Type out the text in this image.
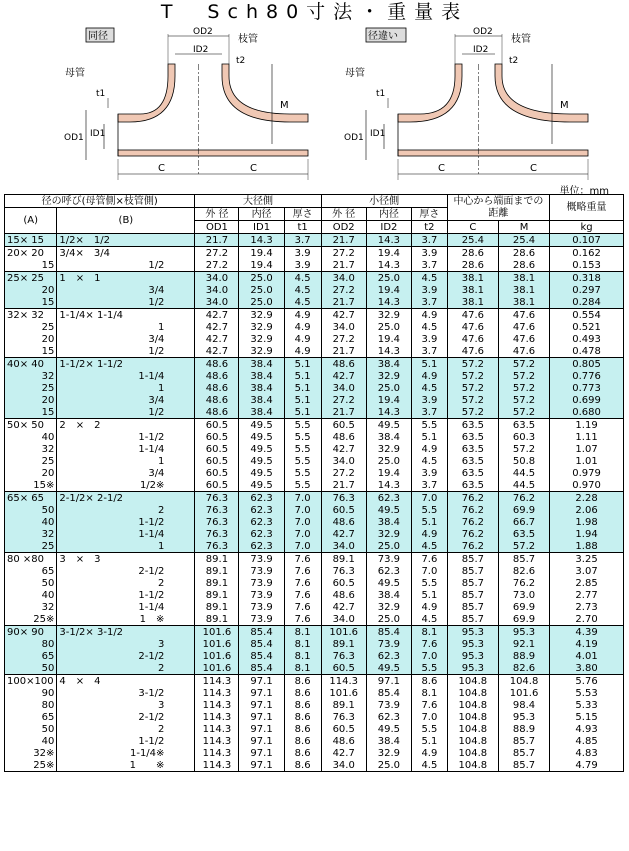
T　Sch80寸法・重量表
同径	OD2
ID2
枝管
t2
母管
t1
M
OD1 ID1
C	C
径違い	OD2
ID2
枝管
t2
母管
t1
M
OD1 ID1
C	C
単位：mm
径の呼び(母管側×枝管側)		大径側			小径側			中心から端面までの距離		概略重量
(A)	(B)	外 径	内径	厚さ	外 径	内径	厚さ			
		OD1	ID1	t1	OD2	ID2	t2	C	M	kg
15× 15	1/2×　1/2	21.7	14.3	3.7	21.7	14.3	3.7	25.4	25.4	0.107
20× 20	3/4×　3/4	27.2	19.4	3.9	27.2	19.4	3.9	28.6	28.6	0.162
15	1/2	27.2	19.4	3.9	21.7	14.3	3.7	28.6	28.6	0.153
25× 25	1　×　1	34.0	25.0	4.5	34.0	25.0	4.5	38.1	38.1	0.318
20	3/4	34.0	25.0	4.5	27.2	19.4	3.9	38.1	38.1	0.297
15	1/2	34.0	25.0	4.5	21.7	14.3	3.7	38.1	38.1	0.284
32× 32	1-1/4× 1-1/4	42.7	32.9	4.9	42.7	32.9	4.9	47.6	47.6	0.554
25	1	42.7	32.9	4.9	34.0	25.0	4.5	47.6	47.6	0.521
20	3/4	42.7	32.9	4.9	27.2	19.4	3.9	47.6	47.6	0.493
15	1/2	42.7	32.9	4.9	21.7	14.3	3.7	47.6	47.6	0.478
40× 40	1-1/2× 1-1/2	48.6	38.4	5.1	48.6	38.4	5.1	57.2	57.2	0.805
32	1-1/4	48.6	38.4	5.1	42.7	32.9	4.9	57.2	57.2	0.776
25	1	48.6	38.4	5.1	34.0	25.0	4.5	57.2	57.2	0.773
20	3/4	48.6	38.4	5.1	27.2	19.4	3.9	57.2	57.2	0.699
15	1/2	48.6	38.4	5.1	21.7	14.3	3.7	57.2	57.2	0.680
50× 50	2　×　2	60.5	49.5	5.5	60.5	49.5	5.5	63.5	63.5	1.19
40	1-1/2	60.5	49.5	5.5	48.6	38.4	5.1	63.5	60.3	1.11
32	1-1/4	60.5	49.5	5.5	42.7	32.9	4.9	63.5	57.2	1.07
25	1	60.5	49.5	5.5	34.0	25.0	4.5	63.5	50.8	1.01
20	3/4	60.5	49.5	5.5	27.2	19.4	3.9	63.5	44.5	0.979
15※	1/2※	60.5	49.5	5.5	21.7	14.3	3.7	63.5	44.5	0.970
65× 65	2-1/2× 2-1/2	76.3	62.3	7.0	76.3	62.3	7.0	76.2	76.2	2.28
50	2	76.3	62.3	7.0	60.5	49.5	5.5	76.2	69.9	2.06
40	1-1/2	76.3	62.3	7.0	48.6	38.4	5.1	76.2	66.7	1.98
32	1-1/4	76.3	62.3	7.0	42.7	32.9	4.9	76.2	63.5	1.94
25	1	76.3	62.3	7.0	34.0	25.0	4.5	76.2	57.2	1.88
80 ×80	3　×　3	89.1	73.9	7.6	89.1	73.9	7.6	85.7	85.7	3.25
65	2-1/2	89.1	73.9	7.6	76.3	62.3	7.0	85.7	82.6	3.07
50	2	89.1	73.9	7.6	60.5	49.5	5.5	85.7	76.2	2.85
40	1-1/2	89.1	73.9	7.6	48.6	38.4	5.1	85.7	73.0	2.77
32	1-1/4	89.1	73.9	7.6	42.7	32.9	4.9	85.7	69.9	2.73
25※	1　※	89.1	73.9	7.6	34.0	25.0	4.5	85.7	69.9	2.70
90× 90	3-1/2× 3-1/2	101.6	85.4	8.1	101.6	85.4	8.1	95.3	95.3	4.39
80	3	101.6	85.4	8.1	89.1	73.9	7.6	95.3	92.1	4.19
65	2-1/2	101.6	85.4	8.1	76.3	62.3	7.0	95.3	88.9	4.01
50	2	101.6	85.4	8.1	60.5	49.5	5.5	95.3	82.6	3.80
100×100	4　×　4	114.3	97.1	8.6	114.3	97.1	8.6	104.8	104.8	5.76
90	3-1/2	114.3	97.1	8.6	101.6	85.4	8.1	104.8	101.6	5.53
80	3	114.3	97.1	8.6	89.1	73.9	7.6	104.8	98.4	5.33
65	2-1/2	114.3	97.1	8.6	76.3	62.3	7.0	104.8	95.3	5.15
50	2	114.3	97.1	8.6	60.5	49.5	5.5	104.8	88.9	4.93
40	1-1/2	114.3	97.1	8.6	48.6	38.4	5.1	104.8	85.7	4.85
32※	1-1/4※	114.3	97.1	8.6	42.7	32.9	4.9	104.8	85.7	4.83
25※	1　　※	114.3	97.1	8.6	34.0	25.0	4.5	104.8	85.7	4.79
